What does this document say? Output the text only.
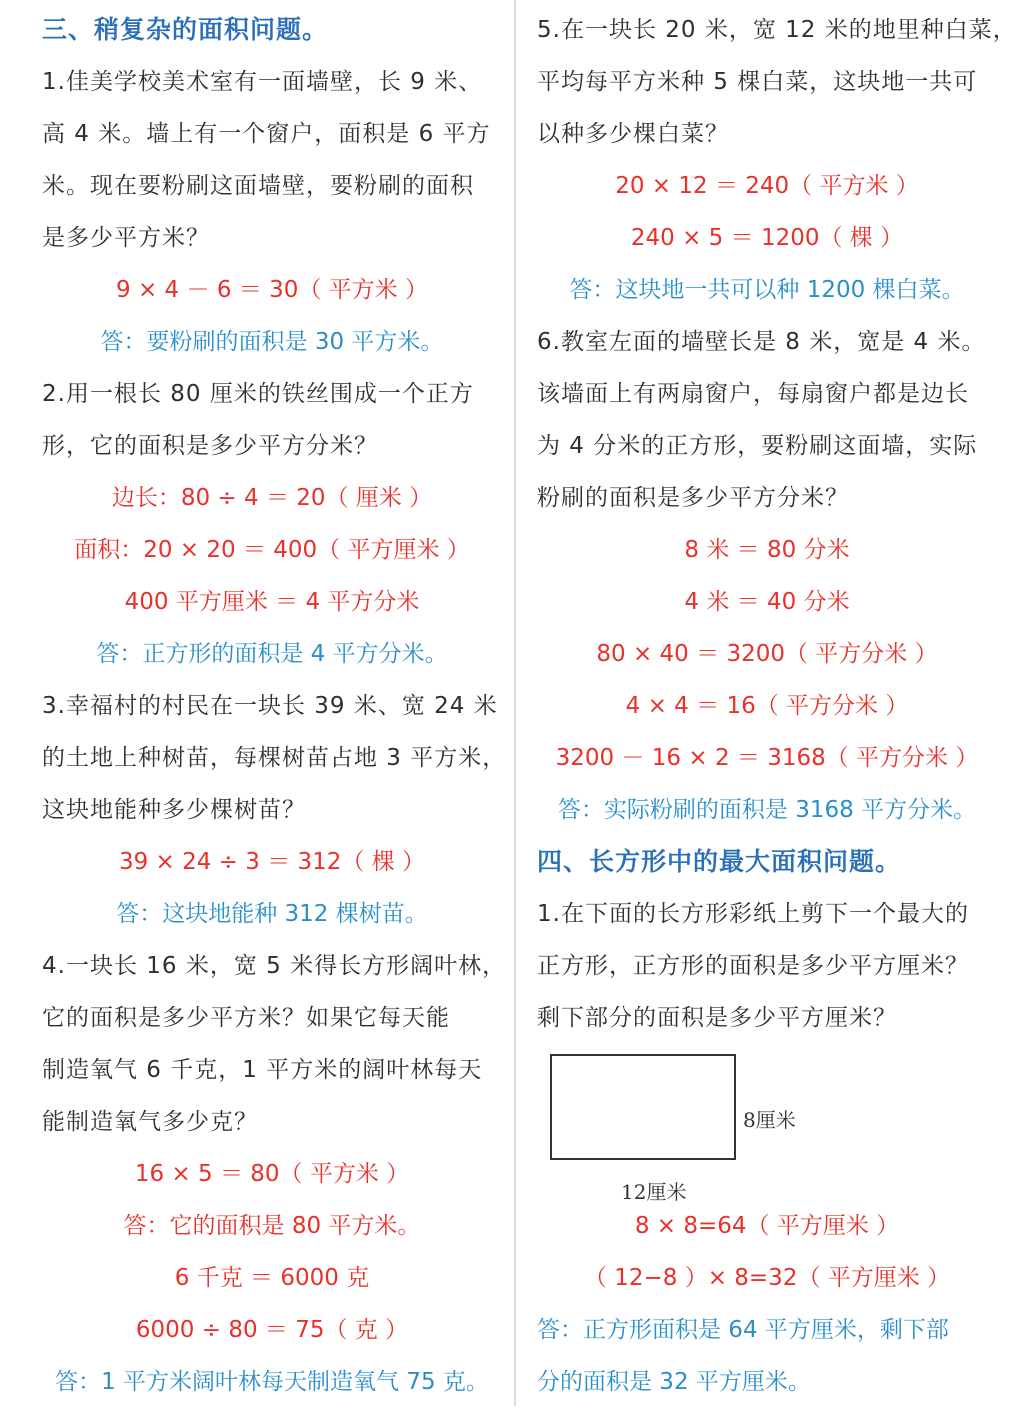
三、稍复杂的面积问题。
1.佳美学校美术室有一面墙壁，长 9 米、
高 4 米。墙上有一个窗户，面积是 6 平方
米。现在要粉刷这面墙壁，要粉刷的面积
是多少平方米？
9 × 4 － 6 ＝ 30（ 平方米 ）
答：要粉刷的面积是 30 平方米。
2.用一根长 80 厘米的铁丝围成一个正方
形，它的面积是多少平方分米？
边长：80 ÷ 4 ＝ 20（ 厘米 ）
面积：20 × 20 ＝ 400（ 平方厘米 ）
400 平方厘米 ＝ 4 平方分米
答：正方形的面积是 4 平方分米。
3.幸福村的村民在一块长 39 米、宽 24 米
的土地上种树苗，每棵树苗占地 3 平方米，
这块地能种多少棵树苗？
39 × 24 ÷ 3 ＝ 312（ 棵 ）
答：这块地能种 312 棵树苗。
4.一块长 16 米，宽 5 米得长方形阔叶林，
它的面积是多少平方米？如果它每天能
制造氧气 6 千克，1 平方米的阔叶林每天
能制造氧气多少克？
16 × 5 ＝ 80（ 平方米 ）
答：它的面积是 80 平方米。
6 千克 ＝ 6000 克
6000 ÷ 80 ＝ 75（ 克 ）
答：1 平方米阔叶林每天制造氧气 75 克。
5.在一块长 20 米，宽 12 米的地里种白菜，
平均每平方米种 5 棵白菜，这块地一共可
以种多少棵白菜？
20 × 12 ＝ 240（ 平方米 ）
240 × 5 ＝ 1200（ 棵 ）
答：这块地一共可以种 1200 棵白菜。
6.教室左面的墙壁长是 8 米，宽是 4 米。
该墙面上有两扇窗户，每扇窗户都是边长
为 4 分米的正方形，要粉刷这面墙，实际
粉刷的面积是多少平方分米？
8 米 ＝ 80 分米
4 米 ＝ 40 分米
80 × 40 ＝ 3200（ 平方分米 ）
4 × 4 ＝ 16（ 平方分米 ）
3200 － 16 × 2 ＝ 3168（ 平方分米 ）
答：实际粉刷的面积是 3168 平方分米。
四、长方形中的最大面积问题。
1.在下面的长方形彩纸上剪下一个最大的
正方形，正方形的面积是多少平方厘米？
剩下部分的面积是多少平方厘米？
8厘米
12厘米
8 × 8=64（ 平方厘米 ）
（ 12−8 ）× 8=32（ 平方厘米 ）
答：正方形面积是 64 平方厘米，剩下部
分的面积是 32 平方厘米。
